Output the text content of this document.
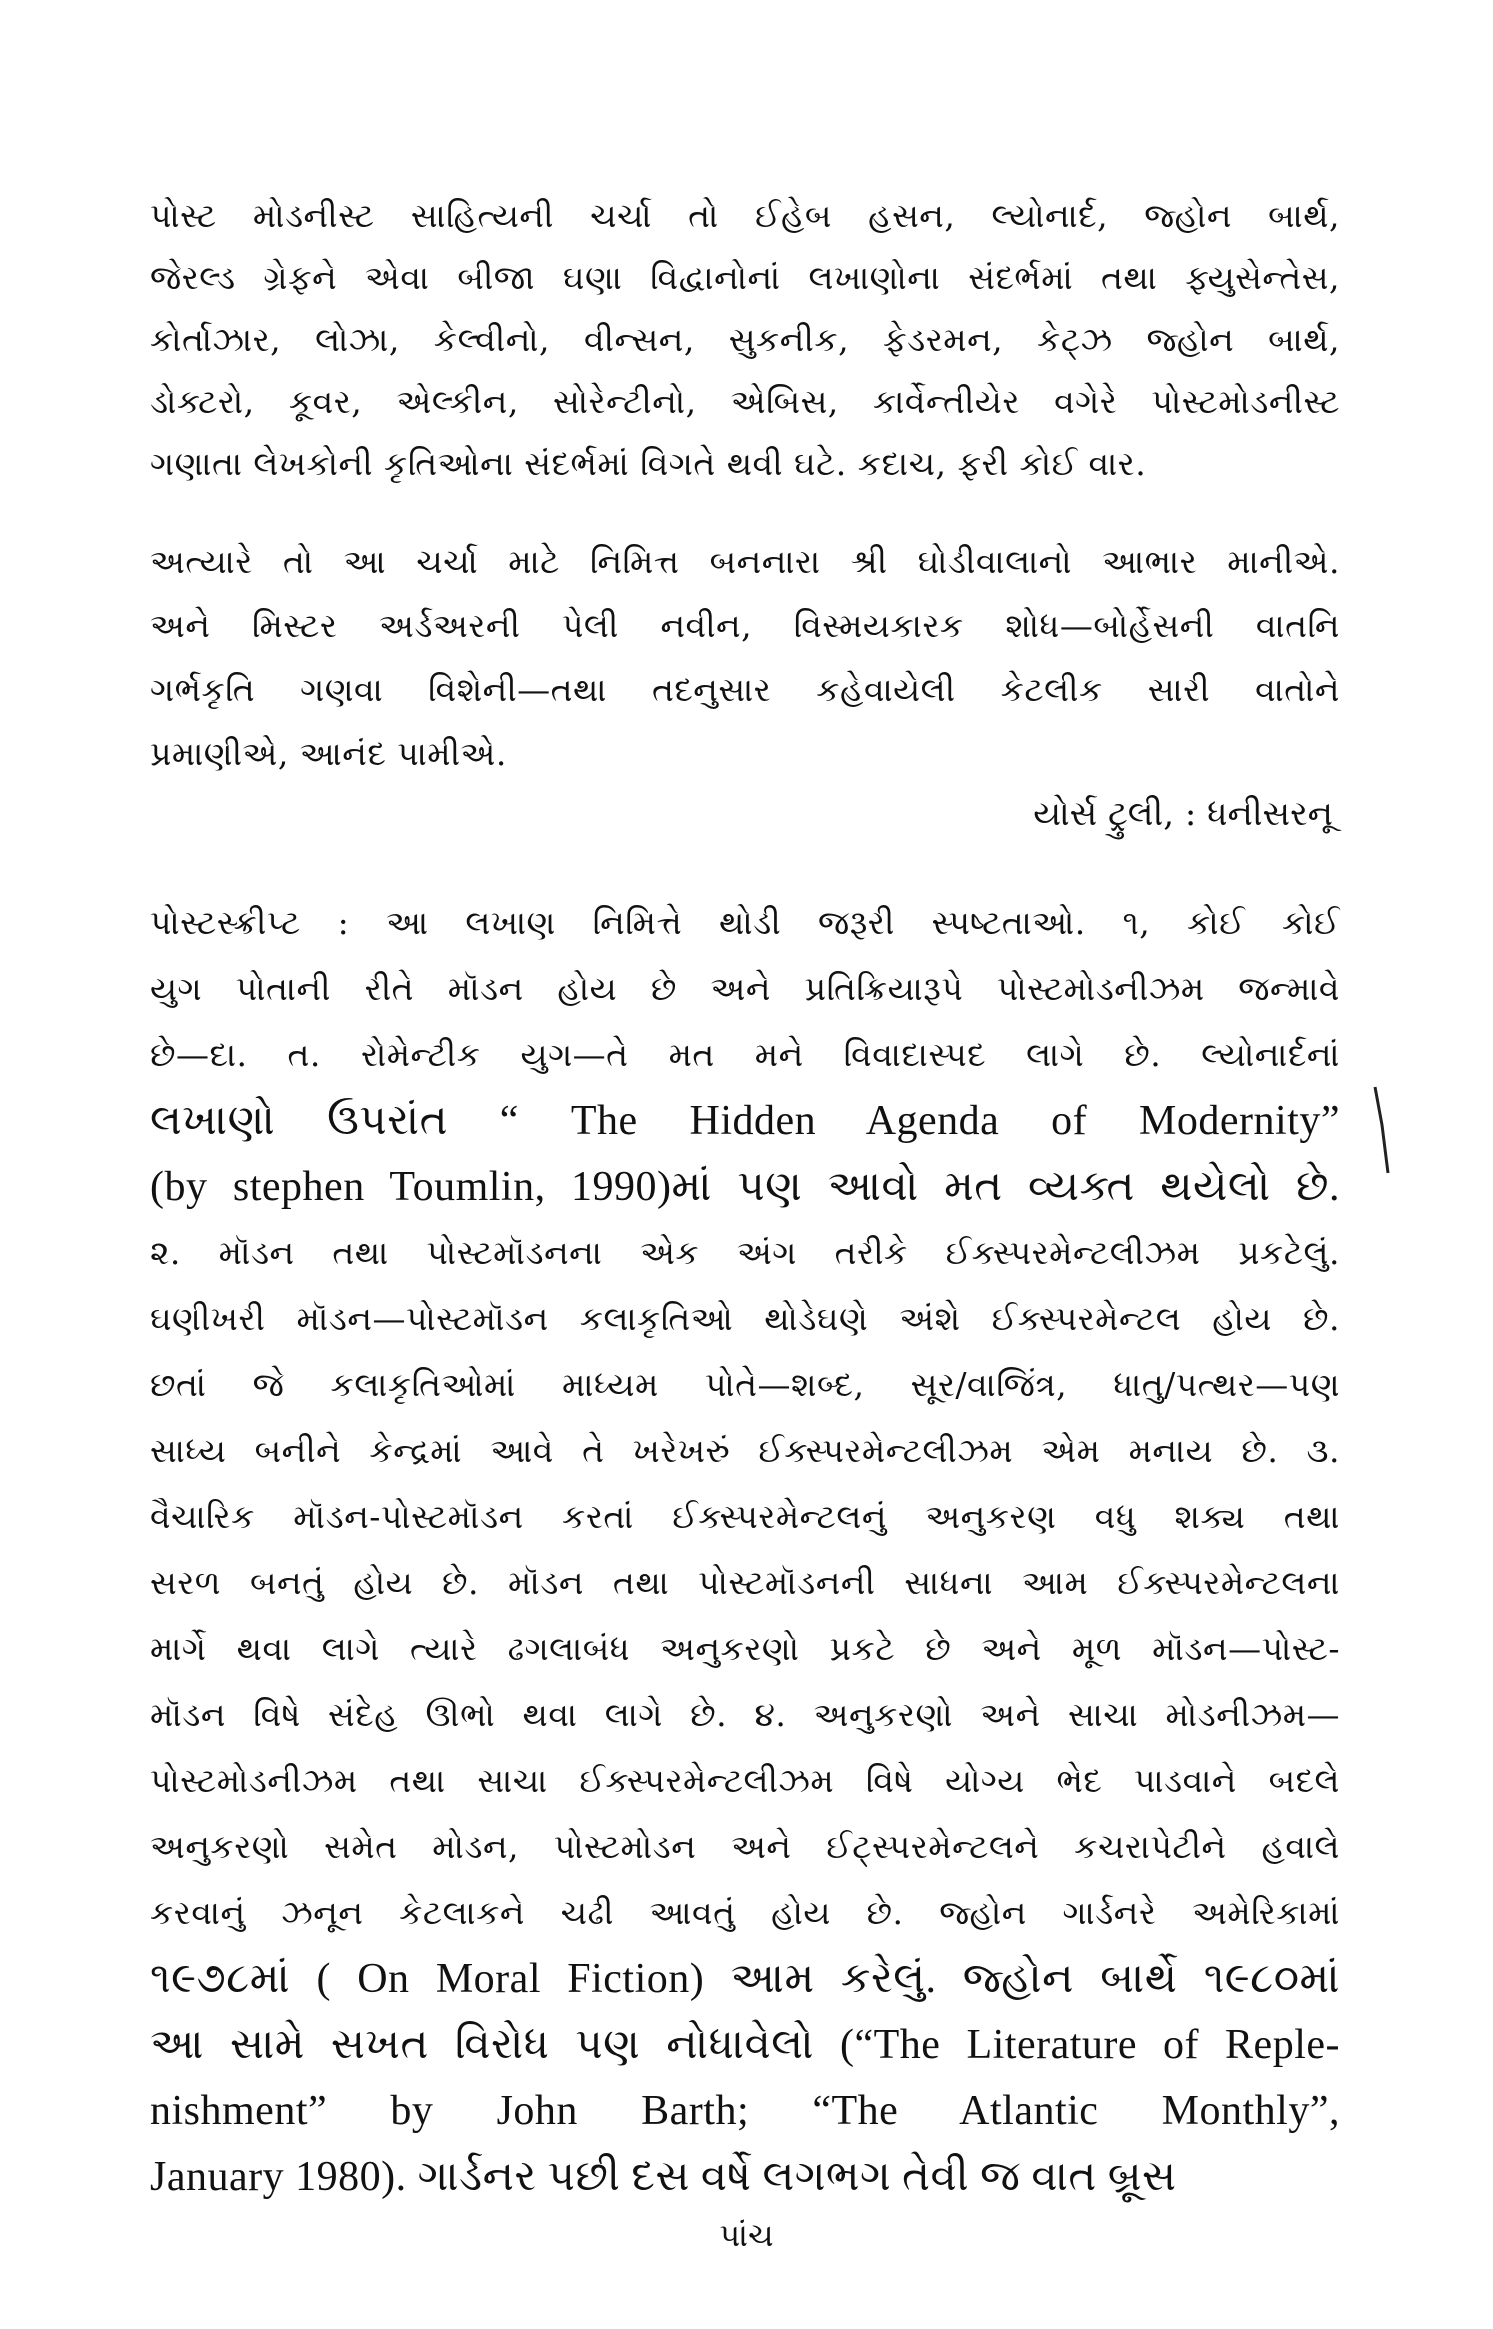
પોસ્ટ મોડનીસ્ટ સાહિત્યની ચર્ચા તો ઈહેબ હસન, લ્યોનાર્દ, જ્હોન બાર્થ,
જેરલ્ડ ગ્રેફને એવા બીજા ઘણા વિદ્વાનોનાં લખાણોના સંદર્ભમાં તથા ફ્યુસેન્તેસ,
કોર્તાઝાર, લોઝા, કેલ્વીનો, વીન્સન, સુકનીક, ફેડરમન, કેટ્ઝ જ્હોન બાર્થ,
ડોક્ટરો, કૂવર, એલ્કીન, સોરેન્ટીનો, એબિસ, કાર્વેન્તીયેર વગેરે પોસ્ટમોડનીસ્ટ
ગણાતા લેખકોની કૃતિઓના સંદર્ભમાં વિગતે થવી ઘટે. કદાચ, ફરી કોઈ વાર.
અત્યારે તો આ ચર્ચા માટે નિમિત્ત બનનારા શ્રી ઘોડીવાલાનો આભાર માનીએ.
અને મિસ્ટર અર્ડઅરની પેલી નવીન, વિસ્મયકારક શોધ—બોર્હેસની વાતનિ
ગર્ભકૃતિ ગણવા વિશેની—તથા તદનુસાર કહેવાયેલી કેટલીક સારી વાતોને
પ્રમાણીએ, આનંદ પામીએ.
યોર્સ ટ્રુલી, : ધનીસરનૂ
પોસ્ટસ્ક્રીપ્ટ : આ લખાણ નિમિત્તે થોડી જરૂરી સ્પષ્ટતાઓ. ૧, કોઈ કોઈ
યુગ પોતાની રીતે મૉડન હોય છે અને પ્રતિક્રિયારૂપે પોસ્ટમોડનીઝમ જન્માવે
છે—દા. ત. રોમેન્ટીક યુગ—તે મત મને વિવાદાસ્પદ લાગે છે. લ્યોનાર્દનાં
લખાણો ઉપરાંત “ The Hidden Agenda of Modernity”
(by stephen Toumlin, 1990)માં પણ આવો મત વ્યક્ત થયેલો છે.
૨. મૉડન તથા પોસ્ટમૉડનના એક અંગ તરીકે ઈક્સ્પરમેન્ટલીઝમ પ્રકટેલું.
ઘણીખરી મૉડન—પોસ્ટમૉડન કલાકૃતિઓ થોડેઘણે અંશે ઈક્સ્પરમેન્ટલ હોય છે.
છતાં જે કલાકૃતિઓમાં માધ્યમ પોતે—શબ્દ, સૂર/વાજિંત્ર, ધાતુ/પત્થર—પણ
સાધ્ય બનીને કેન્દ્રમાં આવે તે ખરેખરું ઈક્સ્પરમેન્ટલીઝમ એમ મનાય છે. ૩.
વૈચારિક મૉડન-પોસ્ટમૉડન કરતાં ઈક્સ્પરમેન્ટલનું અનુકરણ વધુ શક્ય તથા
સરળ બનતું હોય છે. મૉડન તથા પોસ્ટમૉડનની સાધના આમ ઈક્સ્પરમેન્ટલના
માર્ગે થવા લાગે ત્યારે ઢગલાબંધ અનુકરણો પ્રકટે છે અને મૂળ મૉડન—પોસ્ટ-
મૉડન વિષે સંદેહ ઊભો થવા લાગે છે. ૪. અનુકરણો અને સાચા મોડનીઝમ—
પોસ્ટમોડનીઝમ તથા સાચા ઈક્સ્પરમેન્ટલીઝમ વિષે યોગ્ય ભેદ પાડવાને બદલે
અનુકરણો સમેત મોડન, પોસ્ટમોડન અને ઈટ્સ્પરમેન્ટલને કચરાપેટીને હવાલે
કરવાનું ઝનૂન કેટલાકને ચઢી આવતું હોય છે. જ્હોન ગાર્ડનરે અમેરિકામાં
૧૯૭૮માં ( On Moral Fiction) આમ કરેલું. જ્હોન બાર્થે ૧૯૮૦માં
આ સામે સખત વિરોધ પણ નોધાવેલો (“The Literature of Reple-
nishment” by John Barth; “The Atlantic Monthly”,
January 1980). ગાર્ડનર પછી દસ વર્ષે લગભગ તેવી જ વાત બ્રૂસ
પાંચ
